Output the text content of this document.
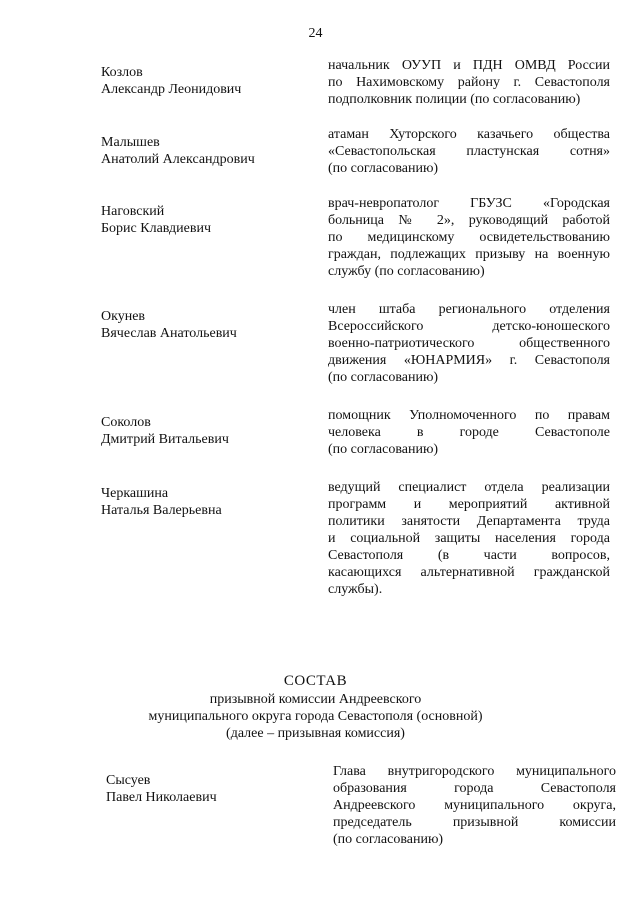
24
Козлов
Александр Леонидович
начальник ОУУП и ПДН ОМВД России
по Нахимовскому району г. Севастополя
подполковник полиции (по согласованию)
Малышев
Анатолий Александрович
атаман Хуторского казачьего общества
«Севастопольская пластунская сотня»
(по согласованию)
Наговский
Борис Клавдиевич
врач-невропатолог ГБУЗС «Городская
больница № 2», руководящий работой
по медицинскому освидетельствованию
граждан, подлежащих призыву на военную
службу (по согласованию)
Окунев
Вячеслав Анатольевич
член штаба регионального отделения
Всероссийского детско-юношеского
военно-патриотического общественного
движения «ЮНАРМИЯ» г. Севастополя
(по согласованию)
Соколов
Дмитрий Витальевич
помощник Уполномоченного по правам
человека в городе Севастополе
(по согласованию)
Черкашина
Наталья Валерьевна
ведущий специалист отдела реализации
программ и мероприятий активной
политики занятости Департамента труда
и социальной защиты населения города
Севастополя (в части вопросов,
касающихся альтернативной гражданской
службы).
СОСТАВ
призывной комиссии Андреевского
муниципального округа города Севастополя (основной)
(далее – призывная комиссия)
Сысуев
Павел Николаевич
Глава внутригородского муниципального
образования города Севастополя
Андреевского муниципального округа,
председатель призывной комиссии
(по согласованию)
